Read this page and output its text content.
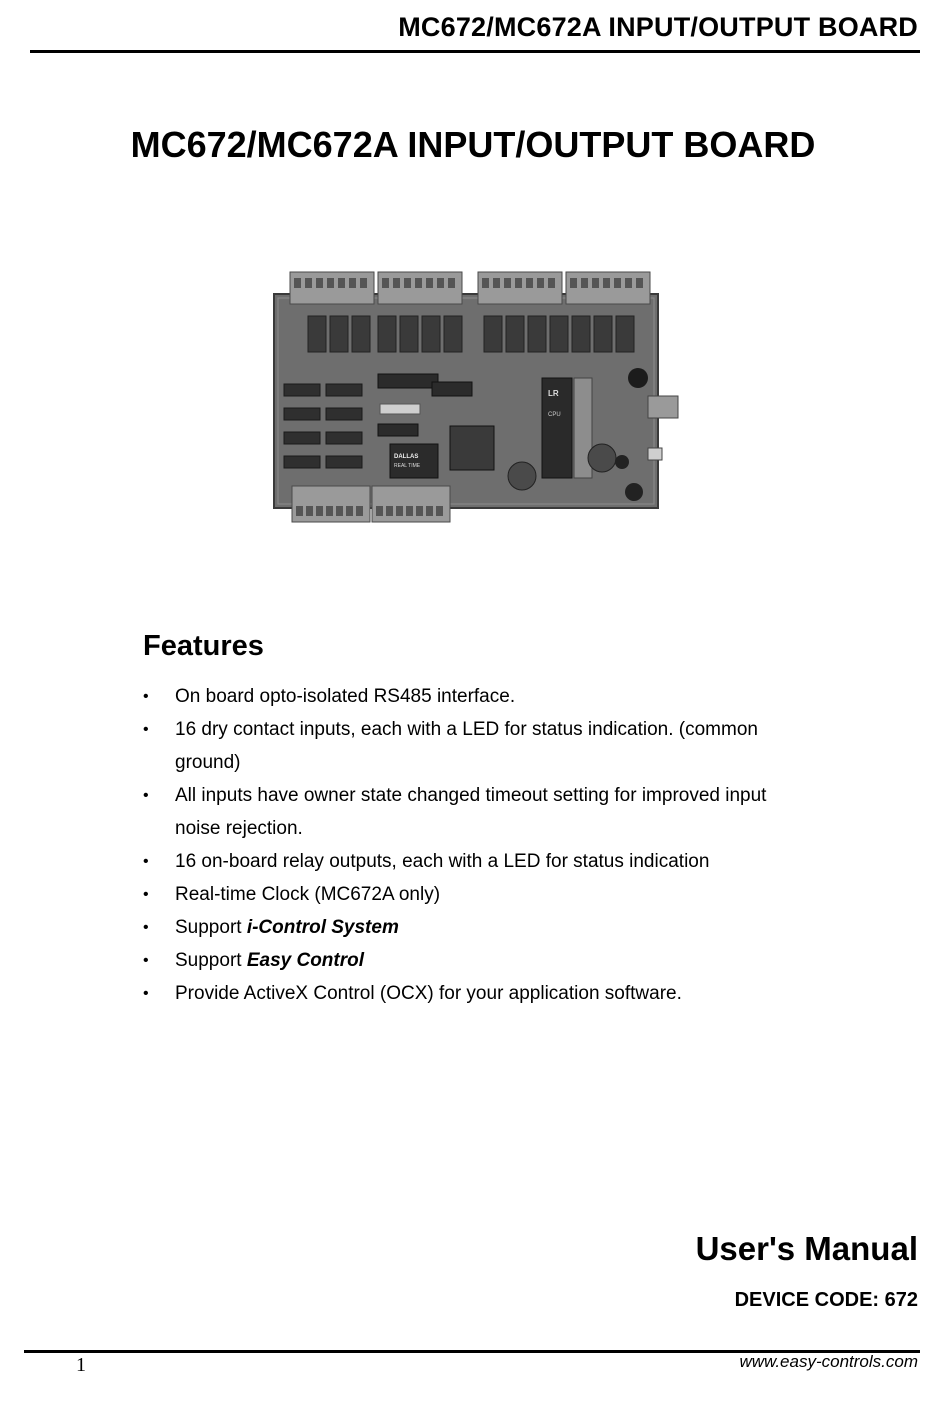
MC672/MC672A INPUT/OUTPUT BOARD
MC672/MC672A INPUT/OUTPUT BOARD
DALLAS
REAL TIME
LR
CPU
Features
• On board opto-isolated RS485 interface.
• 16 dry contact inputs, each with a LED for status indication. (common
ground)
• All inputs have owner state changed timeout setting for improved input
noise rejection.
• 16 on-board relay outputs, each with a LED for status indication
• Real-time Clock (MC672A only)
• Support i-Control System
• Support Easy Control
• Provide ActiveX Control (OCX) for your application software.
User's Manual
DEVICE CODE: 672
1	www.easy-controls.com
